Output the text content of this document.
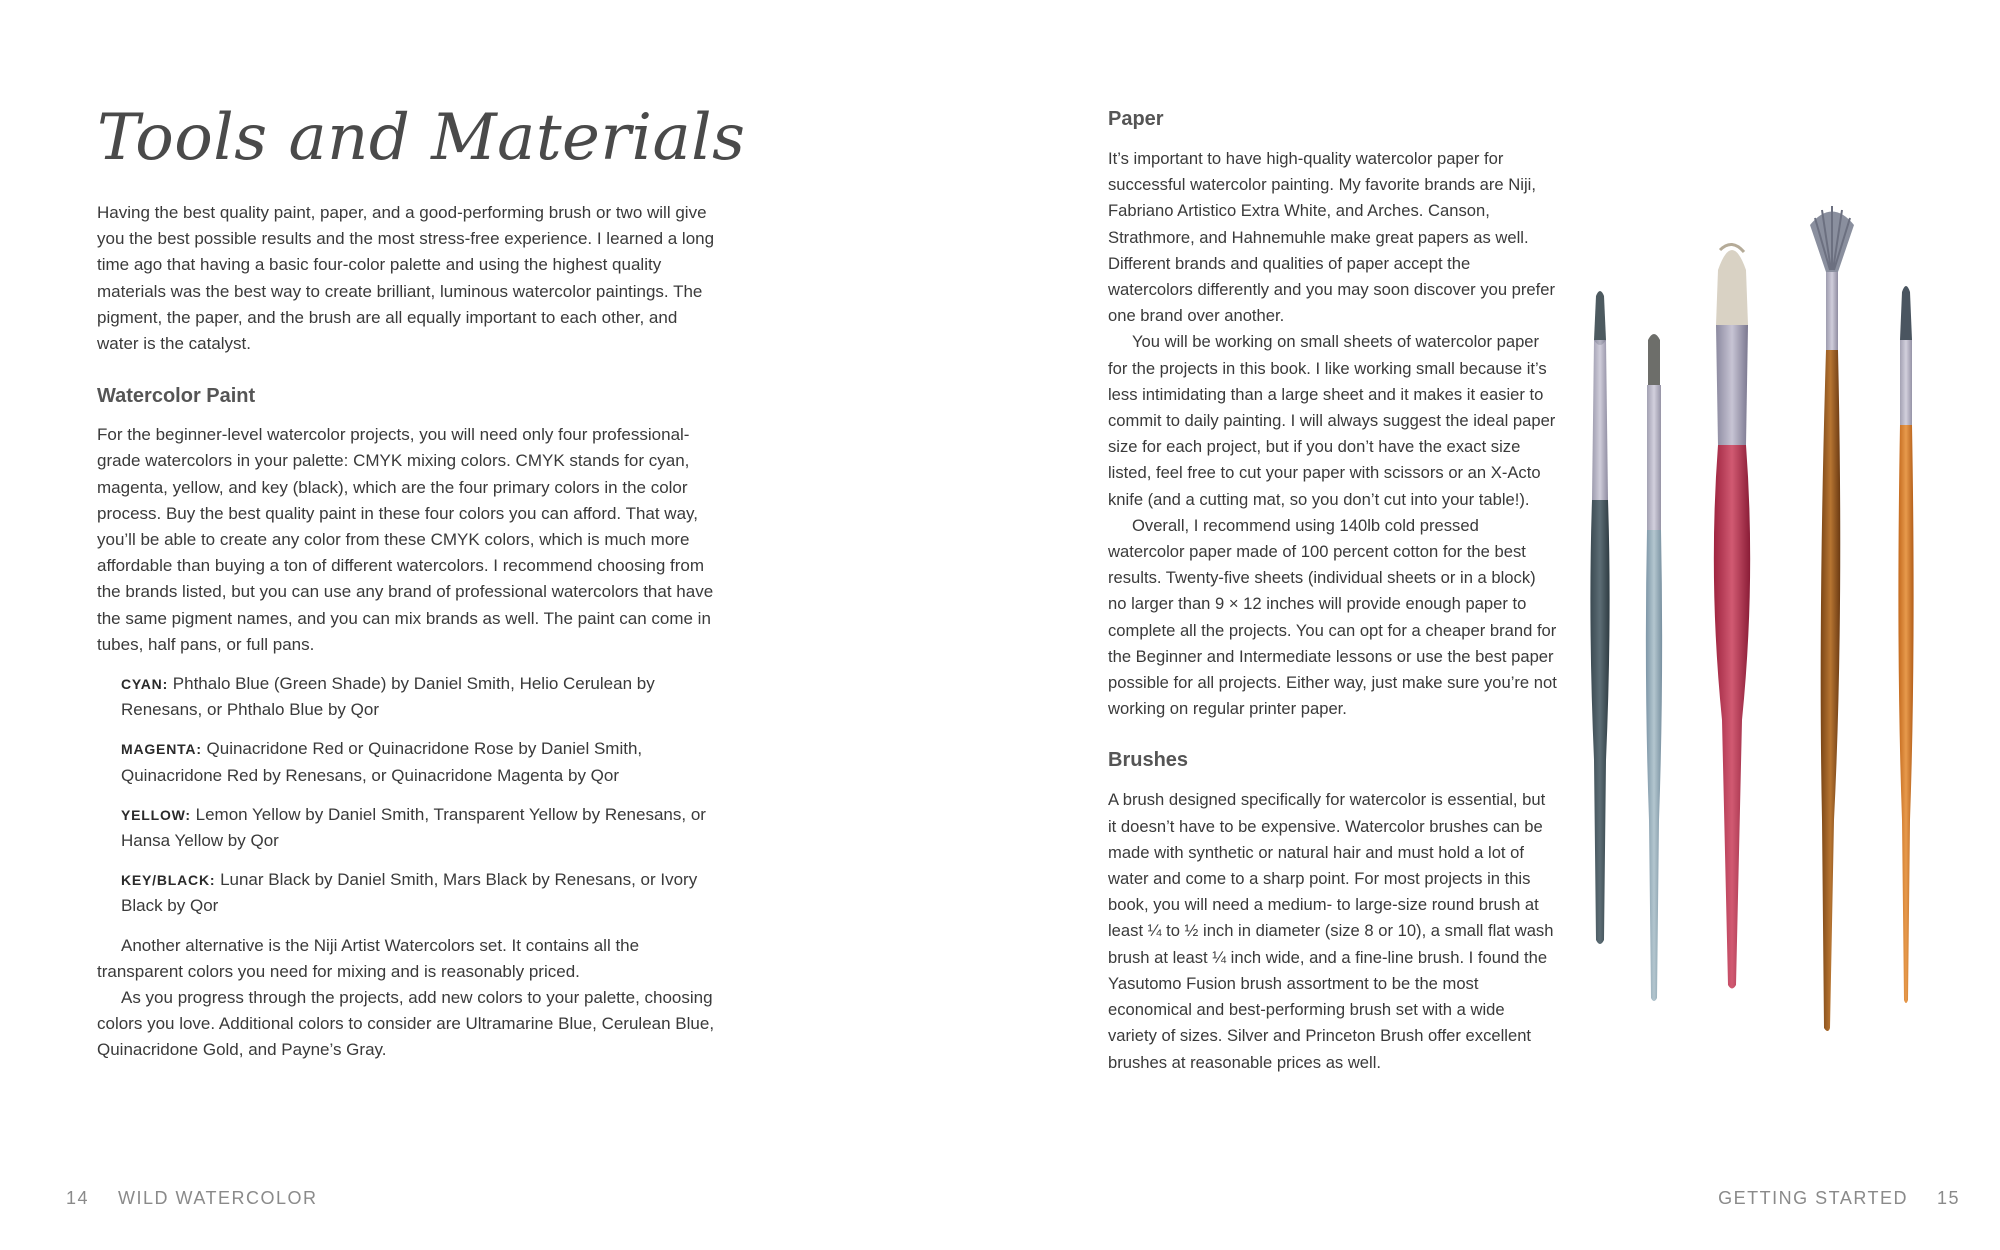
Tools and Materials

Having the best quality paint, paper, and a good-performing brush or two will give you the best possible results and the most stress-free experience. I learned a long time ago that having a basic four-color palette and using the highest quality materials was the best way to create brilliant, luminous watercolor paintings. The pigment, the paper, and the brush are all equally important to each other, and water is the catalyst.

Watercolor Paint

For the beginner-level watercolor projects, you will need only four professional-grade watercolors in your palette: CMYK mixing colors. CMYK stands for cyan, magenta, yellow, and key (black), which are the four primary colors in the color process. Buy the best quality paint in these four colors you can afford. That way, you’ll be able to create any color from these CMYK colors, which is much more affordable than buying a ton of different watercolors. I recommend choosing from the brands listed, but you can use any brand of professional watercolors that have the same pigment names, and you can mix brands as well. The paint can come in tubes, half pans, or full pans.

CYAN: Phthalo Blue (Green Shade) by Daniel Smith, Helio Cerulean by Renesans, or Phthalo Blue by Qor
MAGENTA: Quinacridone Red or Quinacridone Rose by Daniel Smith, Quinacridone Red by Renesans, or Quinacridone Magenta by Qor
YELLOW: Lemon Yellow by Daniel Smith, Transparent Yellow by Renesans, or Hansa Yellow by Qor
KEY/BLACK: Lunar Black by Daniel Smith, Mars Black by Renesans, or Ivory Black by Qor

Another alternative is the Niji Artist Watercolors set. It contains all the transparent colors you need for mixing and is reasonably priced.

As you progress through the projects, add new colors to your palette, choosing colors you love. Additional colors to consider are Ultramarine Blue, Cerulean Blue, Quinacridone Gold, and Payne’s Gray.

14 WILD WATERCOLOR
Paper

It’s important to have high-quality watercolor paper for successful watercolor painting. My favorite brands are Niji, Fabriano Artistico Extra White, and Arches. Canson, Strathmore, and Hahnemuhle make great papers as well. Different brands and qualities of paper accept the watercolors differently and you may soon discover you prefer one brand over another.

You will be working on small sheets of watercolor paper for the projects in this book. I like working small because it’s less intimidating than a large sheet and it makes it easier to commit to daily painting. I will always suggest the ideal paper size for each project, but if you don’t have the exact size listed, feel free to cut your paper with scissors or an X-Acto knife (and a cutting mat, so you don’t cut into your table!).

Overall, I recommend using 140lb cold pressed watercolor paper made of 100 percent cotton for the best results. Twenty-five sheets (individual sheets or in a block) no larger than 9 × 12 inches will provide enough paper to complete all the projects. You can opt for a cheaper brand for the Beginner and Intermediate lessons or use the best paper possible for all projects. Either way, just make sure you’re not working on regular printer paper.

Brushes

A brush designed specifically for watercolor is essential, but it doesn’t have to be expensive. Watercolor brushes can be made with synthetic or natural hair and must hold a lot of water and come to a sharp point. For most projects in this book, you will need a medium- to large-size round brush at least ¼ to ½ inch in diameter (size 8 or 10), a small flat wash brush at least ¼ inch wide, and a fine-line brush. I found the Yasutomo Fusion brush assortment to be the most economical and best-performing brush set with a wide variety of sizes. Silver and Princeton Brush offer excellent brushes at reasonable prices as well.

GETTING STARTED 15
